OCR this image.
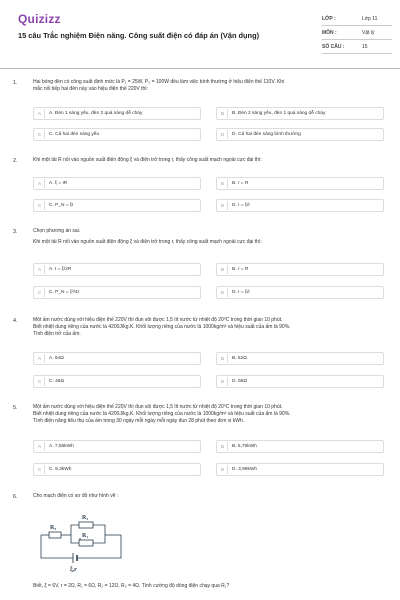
Quizizz
15 câu Trắc nghiệm Điện năng. Công suất điện có đáp án (Vận dụng)
LỚP :	Lớp 11
MÔN :	Vật lý
SỐ CÂU :	15
1.	Hai bóng đèn có công suất định mức là P₁ = 25W, P₂ = 100W đều làm việc bình thường ở hiệu điện thế 110V. Khi
mắc nối tiếp hai đèn này vào hiệu điện thế 220V thì:
A	A. Đèn 1 sáng yếu, đèn 2 quá sáng dễ cháy	B	B. Đèn 2 sáng yếu, đèn 1 quá sáng dễ cháy
C	C. Cả hai đèn sáng yếu	D	D. Cả hai đèn sáng bình thường
2.	Khi một tải R nối vào nguồn suất điện động ξ và điện trở trong r, thấy công suất mạch ngoài cực đại thì:
A	A. ξ = IR	B	B. r = R
C	C. P_N = ξI	D	D. I = ξ/r
3.	Chọn phương án sai.
Khi một tải R nối vào nguồn suất điện động ξ và điện trở trong r, thấy công suất mạch ngoài cực đại thì:
A	A. I = ξ/2R	B	B. r = R
C	C. P_N = ξ²/4r	D	D. I = ξ/r
4.	Một ấm nước dùng với hiệu điện thế 220V thì đun sôi được 1,5 lít nước từ nhiệt độ 20⁰C trong thời gian 10 phút.
Biết nhiệt dung riêng của nước là 4200J/kg.K. Khối lượng riêng của nước là 1000kg/m³ và hiệu suất của ấm là 90%.
Tính điện trở của ấm.
A	A. 64Ω	B	B. 52Ω
C	C. 46Ω	D	D. 58Ω
5.	Một ấm nước dùng với hiệu điện thế 220V thì đun sôi được 1,5 lít nước từ nhiệt độ 20⁰C trong thời gian 10 phút.
Biết nhiệt dung riêng của nước là 4200J/kg.K. Khối lượng riêng của nước là 1000kg/m³ và hiệu suất của ấm là 90%.
Tính điện năng tiêu thụ của ấm trong 30 ngày mỗi ngày mỗi ngày đun 28 phút theo đơn vị kWh.
A	A. 7,56kWh	B	B. 5,76kWh
C	C. 9,3kWh	D	D. 3,99kWh
6.	Cho mạch điện có sơ đồ như hình vẽ :
R₃
R₂
R₁
ξ,r
Biết, ξ = 6V, r = 2Ω, R₁ = 6Ω, R₂ = 12Ω, R₃ = 4Ω. Tính cường độ dòng điện chạy qua R₁?
